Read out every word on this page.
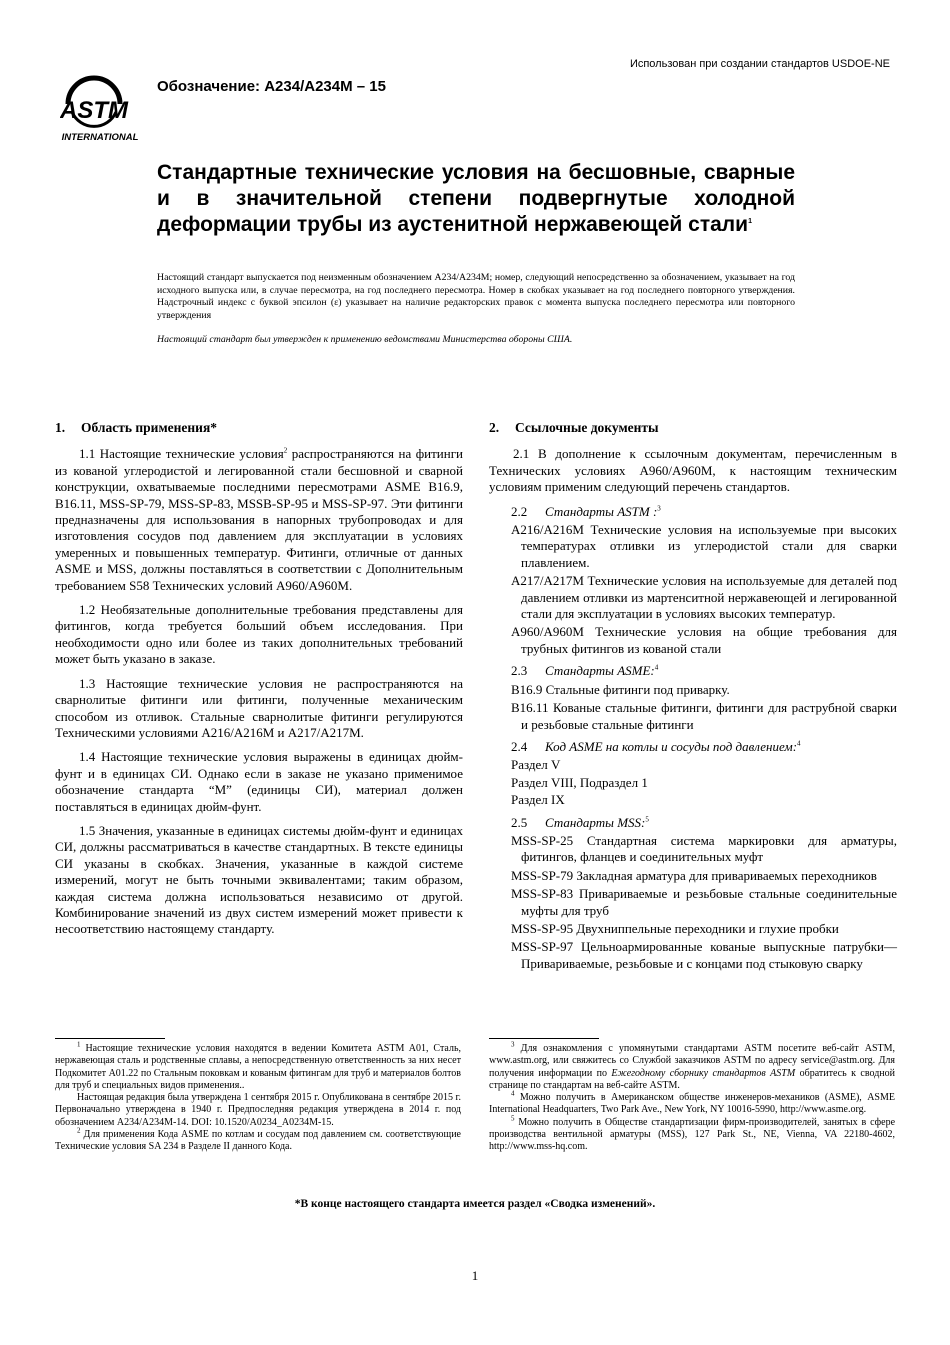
Использован при создании стандартов USDOE-NE
ASTM
INTERNATIONAL
Обозначение: A234/A234M – 15
Стандартные технические условия на бесшовные, сварные и в значительной степени подвергнутые холодной деформации трубы из аустенитной нержавеющей стали$^1$
Настоящий стандарт выпускается под неизменным обозначением A234/A234M; номер, следующий непосредственно за обозначением, указывает на год исходного выпуска или, в случае пересмотра, на год последнего пересмотра. Номер в скобках указывает на год последнего повторного утверждения. Надстрочный индекс с буквой эпсилон (ε) указывает на наличие редакторских правок с момента выпуска последнего пересмотра или повторного утверждения
Настоящий стандарт был утвержден к применению ведомствами Министерства обороны США.
1. Область применения*

1.1 Настоящие технические условия$^2$ распространяются на фитинги из кованой углеродистой и легированной стали бесшовной и сварной конструкции, охватываемые последними пересмотрами ASME B16.9, B16.11, MSS-SP-79, MSS-SP-83, MSSB-SP-95 и MSS-SP-97. Эти фитинги предназначены для использования в напорных трубопроводах и для изготовления сосудов под давлением для эксплуатации в условиях умеренных и повышенных температур. Фитинги, отличные от данных ASME и MSS, должны поставляться в соответствии с Дополнительным требованием S58 Технических условий A960/A960M.

1.2 Необязательные дополнительные требования представлены для фитингов, когда требуется больший объем исследования. При необходимости одно или более из таких дополнительных требований может быть указано в заказе.

1.3 Настоящие технические условия не распространяются на сварнолитые фитинги или фитинги, полученные механическим способом из отливок. Стальные сварнолитые фитинги регулируются Техническими условиями A216/A216M и A217/A217M.

1.4 Настоящие технические условия выражены в единицах дюйм-фунт и в единицах СИ. Однако если в заказе не указано применимое обозначение стандарта “M” (единицы СИ), материал должен поставляться в единицах дюйм-фунт.

1.5 Значения, указанные в единицах системы дюйм-фунт и единицах СИ, должны рассматриваться в качестве стандартных. В тексте единицы СИ указаны в скобках. Значения, указанные в каждой системе измерений, могут не быть точными эквивалентами; таким образом, каждая система должна использоваться независимо от другой. Комбинирование значений из двух систем измерений может привести к несоответствию настоящему стандарту.

2. Ссылочные документы

2.1 В дополнение к ссылочным документам, перечисленным в Технических условиях A960/A960M, к настоящим техническим условиям применим следующий перечень стандартов.

2.2 Стандарты ASTM :$^3$
A216/A216M Технические условия на используемые при высоких температурах отливки из углеродистой стали для сварки плавлением.
A217/A217M Технические условия на используемые для деталей под давлением отливки из мартенситной нержавеющей и легированной стали для эксплуатации в условиях высоких температур.
A960/A960M Технические условия на общие требования для трубных фитингов из кованой стали
2.3 Стандарты ASME:$^4$
B16.9 Стальные фитинги под приварку.
B16.11 Кованые стальные фитинги, фитинги для раструбной сварки и резьбовые стальные фитинги
2.4 Код ASME на котлы и сосуды под давлением:$^4$
Раздел V
Раздел VIII, Подраздел 1
Раздел IX
2.5 Стандарты MSS:$^5$
MSS-SP-25 Стандартная система маркировки для арматуры, фитингов, фланцев и соединительных муфт
MSS-SP-79 Закладная арматура для привариваемых переходников
MSS-SP-83 Привариваемые и резьбовые стальные соединительные муфты для труб
MSS-SP-95 Двухниппельные переходники и глухие пробки
MSS-SP-97 Цельноармированные кованые выпускные патрубки—Привариваемые, резьбовые и с концами под стыковую сварку

$^1$ Настоящие технические условия находятся в ведении Комитета ASTM A01, Сталь, нержавеющая сталь и родственные сплавы, а непосредственную ответственность за них несет Подкомитет A01.22 по Стальным поковкам и кованым фитингам для труб и материалов болтов для труб и специальных видов применения..

Настоящая редакция была утверждена 1 сентября 2015 г. Опубликована в сентябре 2015 г. Первоначально утверждена в 1940 г. Предпоследняя редакция утверждена в 2014 г. под обозначением A234/A234M-14. DOI: 10.1520/A0234_A0234M-15.

$^2$ Для применения Кода ASME по котлам и сосудам под давлением см. соответствующие Технические условия SA 234 в Разделе II данного Кода.

$^3$ Для ознакомления с упомянутыми стандартами ASTM посетите веб-сайт ASTM, www.astm.org, или свяжитесь со Службой заказчиков ASTM по адресу service@astm.org. Для получения информации по Ежегодному сборнику стандартов ASTM обратитесь к сводной странице по стандартам на веб-сайте ASTM.

$^4$ Можно получить в Американском обществе инженеров-механиков (ASME), ASME International Headquarters, Two Park Ave., New York, NY 10016-5990, http://www.asme.org.

$^5$ Можно получить в Обществе стандартизации фирм-производителей, занятых в сфере производства вентильной арматуры (MSS), 127 Park St., NE, Vienna, VA 22180-4602, http://www.mss-hq.com.

*В конце настоящего стандарта имеется раздел «Сводка изменений».
1
